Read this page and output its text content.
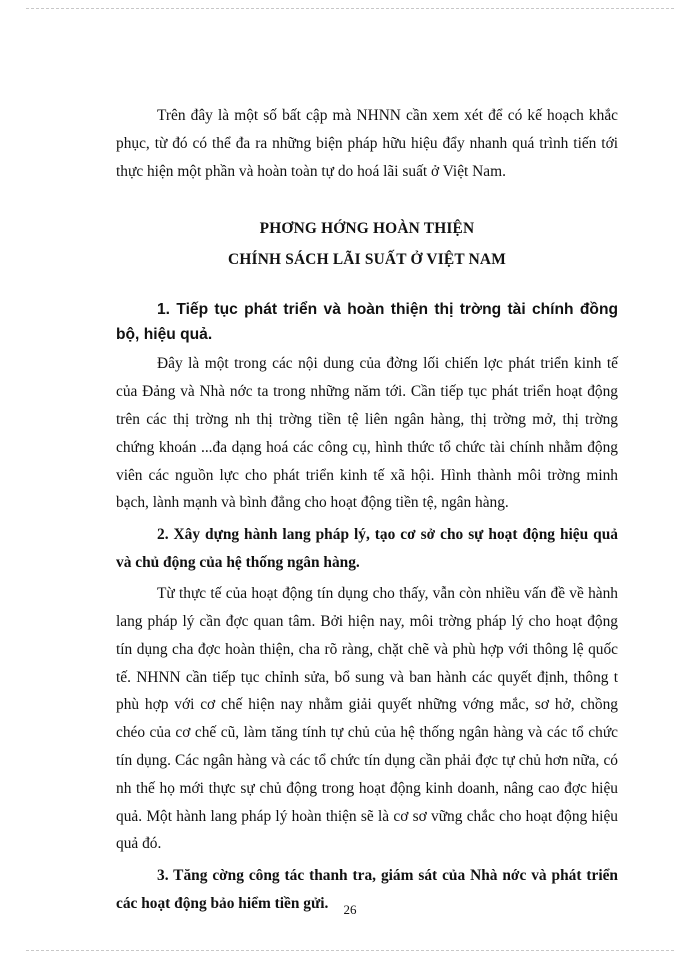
Trên đây là một số bất cập mà NHNN cần xem xét để có kế hoạch khắc phục, từ đó có thể đa ra những biện pháp hữu hiệu đẩy nhanh quá trình tiến tới thực hiện một phần và hoàn toàn tự do hoá lãi suất ở Việt Nam.

PHƠNG HỚNG HOÀN THIỆN
CHÍNH SÁCH LÃI SUẤT Ở VIỆT NAM

1. Tiếp tục phát triển và hoàn thiện thị trờng tài chính đồng bộ, hiệu quả.

Đây là một trong các nội dung của đờng lối chiến lợc phát triển kinh tế của Đảng và Nhà nớc ta trong những năm tới. Cần tiếp tục phát triển hoạt động trên các thị trờng nh thị trờng tiền tệ liên ngân hàng, thị trờng mở, thị trờng chứng khoán ...đa dạng hoá các công cụ, hình thức tổ chức tài chính nhằm động viên các nguồn lực cho phát triển kinh tế xã hội. Hình thành môi trờng minh bạch, lành mạnh và bình đẳng cho hoạt động tiền tệ, ngân hàng.

2. Xây dựng hành lang pháp lý, tạo cơ sở cho sự hoạt động hiệu quả và chủ động của hệ thống ngân hàng.

Từ thực tế của hoạt động tín dụng cho thấy, vẫn còn nhiều vấn đề về hành lang pháp lý cần đợc quan tâm. Bởi hiện nay, môi trờng pháp lý cho hoạt động tín dụng cha đợc hoàn thiện, cha rõ ràng, chặt chẽ và phù hợp với thông lệ quốc tế. NHNN cần tiếp tục chỉnh sửa, bổ sung và ban hành các quyết định, thông t phù hợp với cơ chế hiện nay nhằm giải quyết những vớng mắc, sơ hở, chồng chéo của cơ chế cũ, làm tăng tính tự chủ của hệ thống ngân hàng và các tổ chức tín dụng. Các ngân hàng và các tổ chức tín dụng cần phải đợc tự chủ hơn nữa, có nh thế họ mới thực sự chủ động trong hoạt động kinh doanh, nâng cao đợc hiệu quả. Một hành lang pháp lý hoàn thiện sẽ là cơ sơ vững chắc cho hoạt động hiệu quả đó.

3. Tăng cờng công tác thanh tra, giám sát của Nhà nớc và phát triển các hoạt động bảo hiểm tiền gửi.	26
